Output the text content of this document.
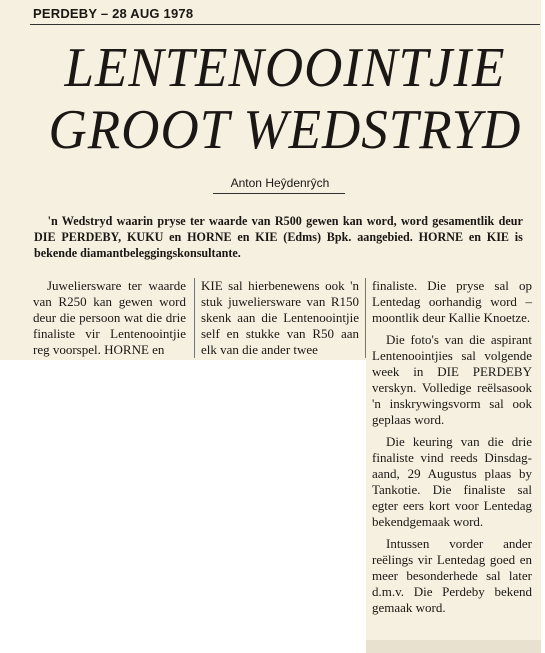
PERDEBY – 28 AUG 1978
LENTENOOINTJIE
GROOT WEDSTRYD
Anton Heŷdenrŷch
'n Wedstryd waarin pryse ter waarde van R500 gewen kan word, word gesamentlik deur DIE PERDEBY, KUKU en HORNE en KIE (Edms) Bpk. aangebied. HORNE en KIE is bekende diamantbeleggingskonsultante.

Juweliersware ter waarde van R250 kan gewen word deur die persoon wat die drie finaliste vir Lentenoointjie reg voorspel. HORNE en

KIE sal hierbenewens ook 'n stuk juweliersware van R150 skenk aan die Lentenoointjie self en stukke van R50 aan elk van die ander twee

finaliste. Die pryse sal op Lentedag oorhandig word – moontlik deur Kallie Knoetze.

Die foto's van die aspirant Lentenoointjies sal volgende week in DIE PERDEBY verskyn. Volledige reëlsasook 'n inskrywingsvorm sal ook geplaas word.

Die keuring van die drie finaliste vind reeds Dinsdagaand, 29 Augustus plaas by Tankotie. Die finaliste sal egter eers kort voor Lentedag bekendgemaak word.

Intussen vorder ander reëlings vir Lentedag goed en meer besonderhede sal later d.m.v. Die Perdeby bekend gemaak word.
